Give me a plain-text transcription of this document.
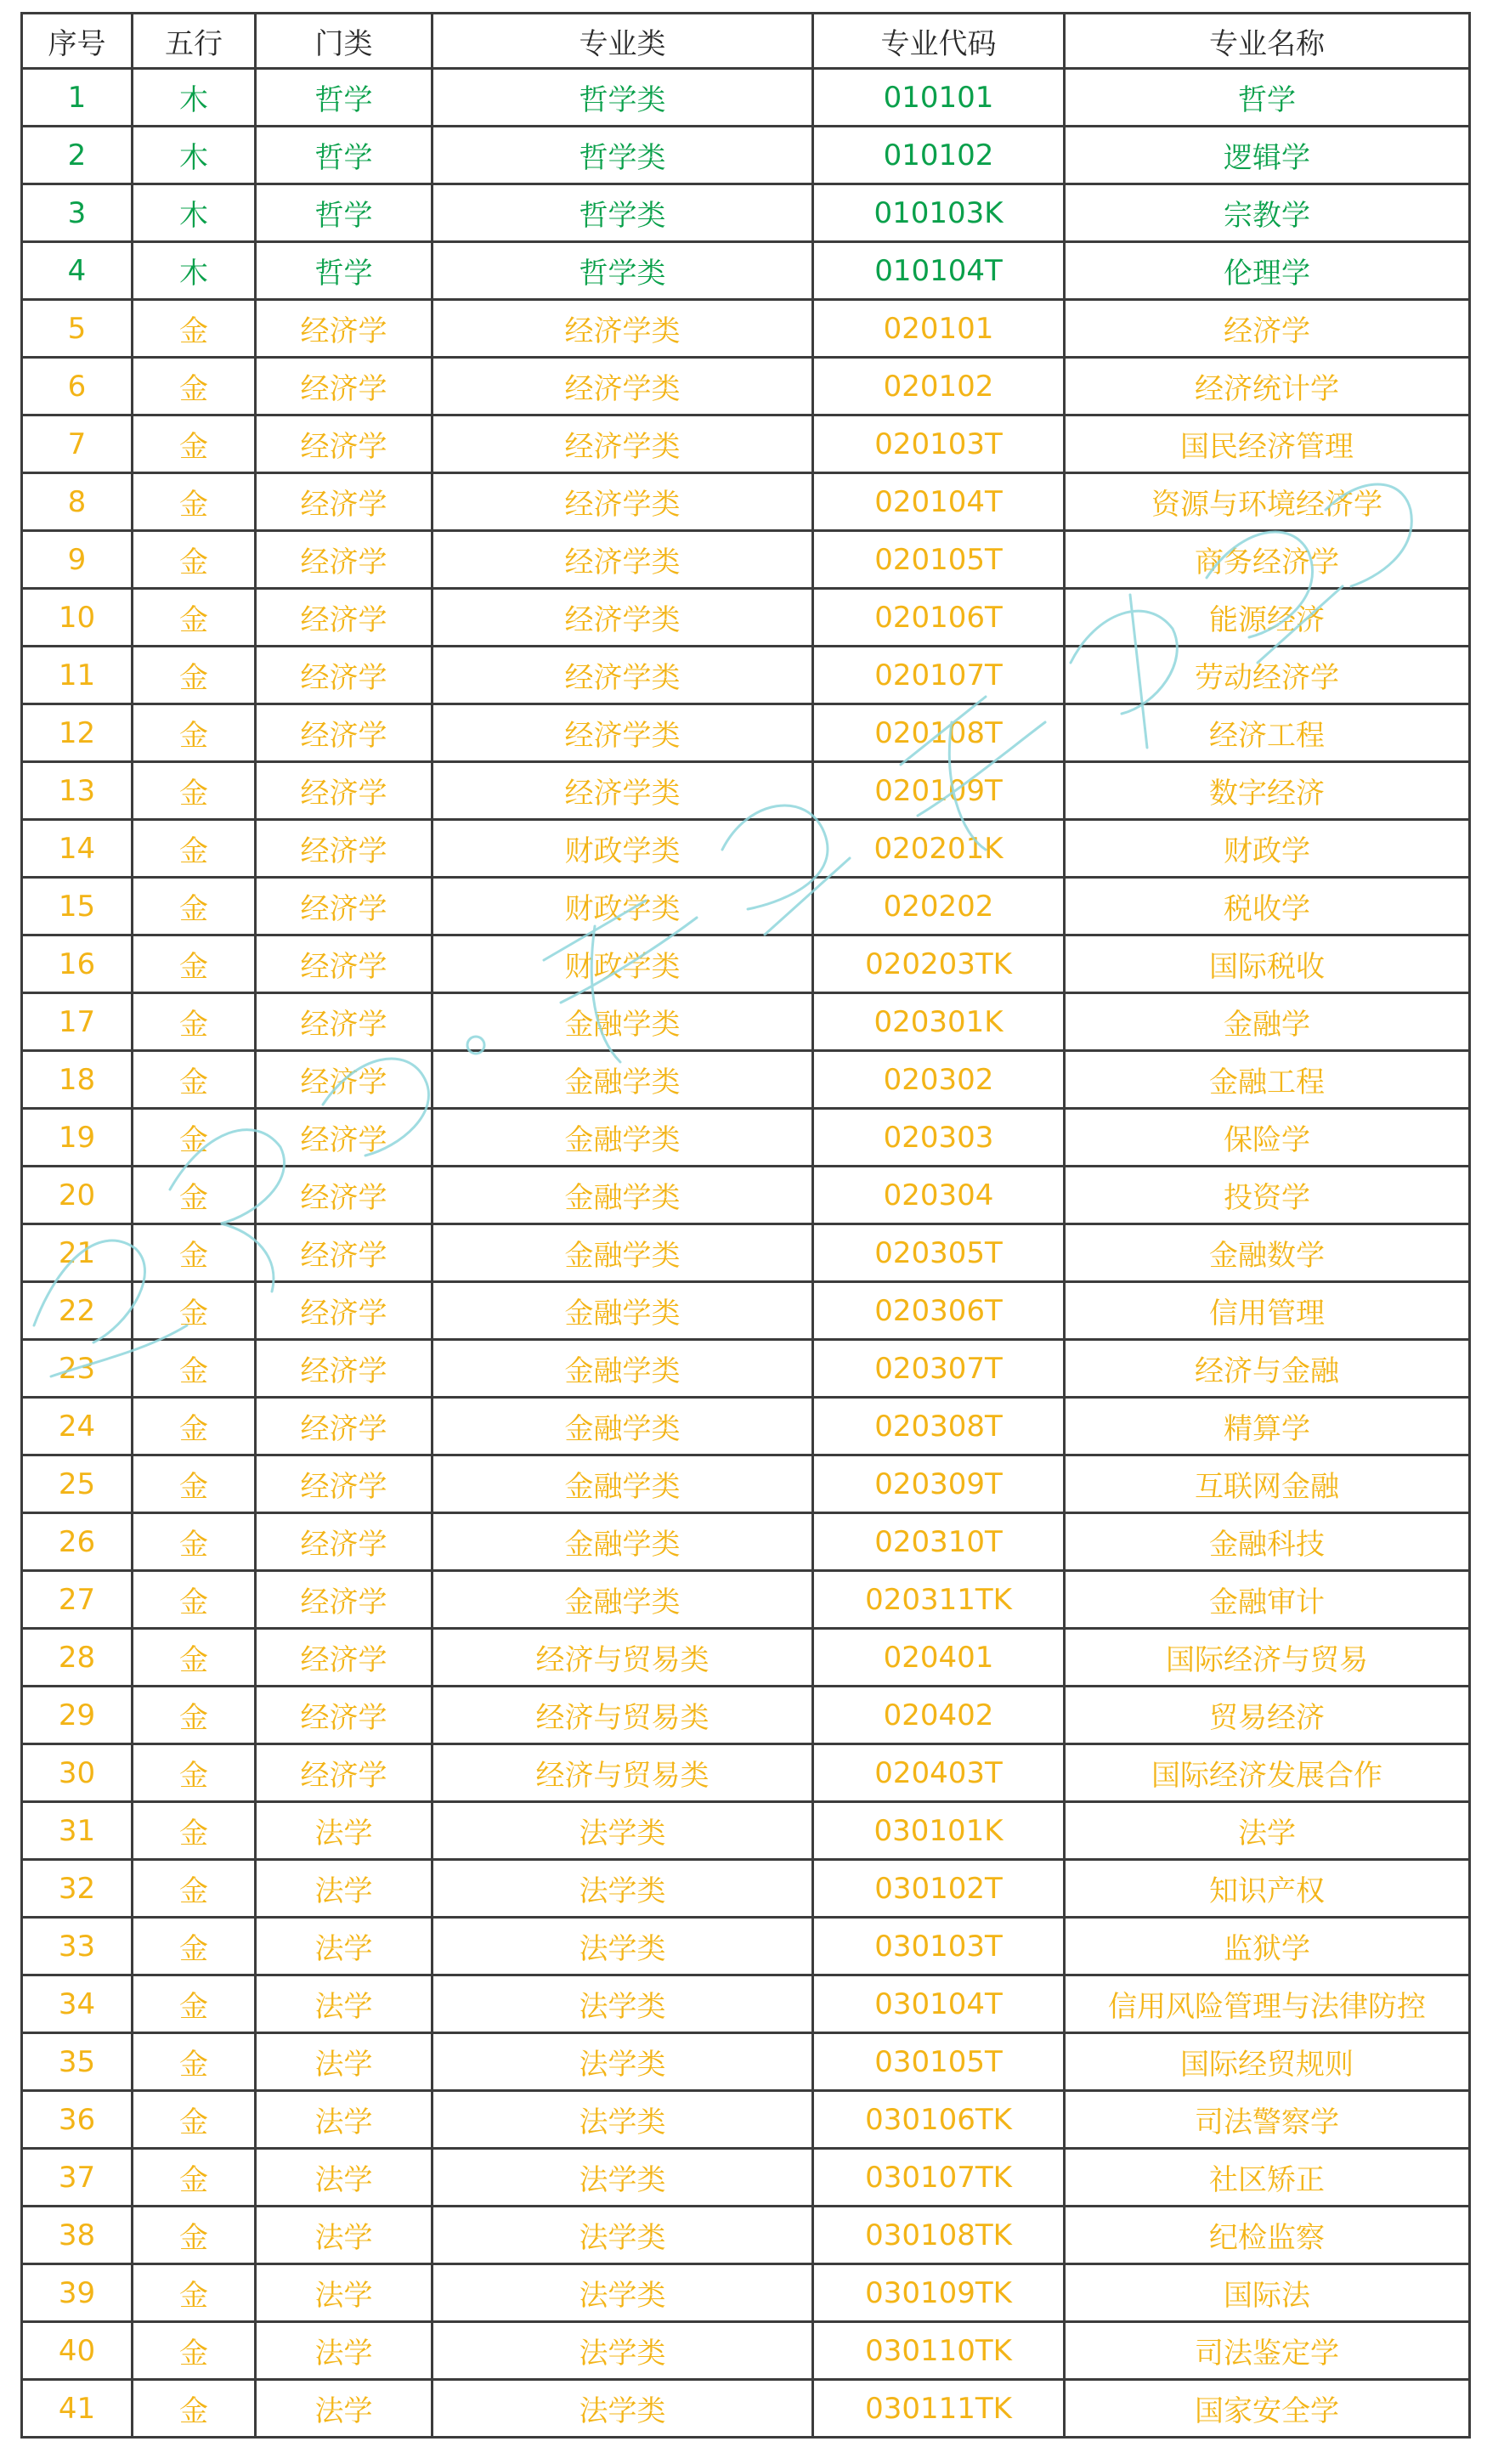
序号	五行	门类	专业类	专业代码	专业名称
1	木	哲学	哲学类	010101	哲学
2	木	哲学	哲学类	010102	逻辑学
3	木	哲学	哲学类	010103K	宗教学
4	木	哲学	哲学类	010104T	伦理学
5	金	经济学	经济学类	020101	经济学
6	金	经济学	经济学类	020102	经济统计学
7	金	经济学	经济学类	020103T	国民经济管理
8	金	经济学	经济学类	020104T	资源与环境经济学
9	金	经济学	经济学类	020105T	商务经济学
10	金	经济学	经济学类	020106T	能源经济
11	金	经济学	经济学类	020107T	劳动经济学
12	金	经济学	经济学类	020108T	经济工程
13	金	经济学	经济学类	020109T	数字经济
14	金	经济学	财政学类	020201K	财政学
15	金	经济学	财政学类	020202	税收学
16	金	经济学	财政学类	020203TK	国际税收
17	金	经济学	金融学类	020301K	金融学
18	金	经济学	金融学类	020302	金融工程
19	金	经济学	金融学类	020303	保险学
20	金	经济学	金融学类	020304	投资学
21	金	经济学	金融学类	020305T	金融数学
22	金	经济学	金融学类	020306T	信用管理
23	金	经济学	金融学类	020307T	经济与金融
24	金	经济学	金融学类	020308T	精算学
25	金	经济学	金融学类	020309T	互联网金融
26	金	经济学	金融学类	020310T	金融科技
27	金	经济学	金融学类	020311TK	金融审计
28	金	经济学	经济与贸易类	020401	国际经济与贸易
29	金	经济学	经济与贸易类	020402	贸易经济
30	金	经济学	经济与贸易类	020403T	国际经济发展合作
31	金	法学	法学类	030101K	法学
32	金	法学	法学类	030102T	知识产权
33	金	法学	法学类	030103T	监狱学
34	金	法学	法学类	030104T	信用风险管理与法律防控
35	金	法学	法学类	030105T	国际经贸规则
36	金	法学	法学类	030106TK	司法警察学
37	金	法学	法学类	030107TK	社区矫正
38	金	法学	法学类	030108TK	纪检监察
39	金	法学	法学类	030109TK	国际法
40	金	法学	法学类	030110TK	司法鉴定学
41	金	法学	法学类	030111TK	国家安全学
